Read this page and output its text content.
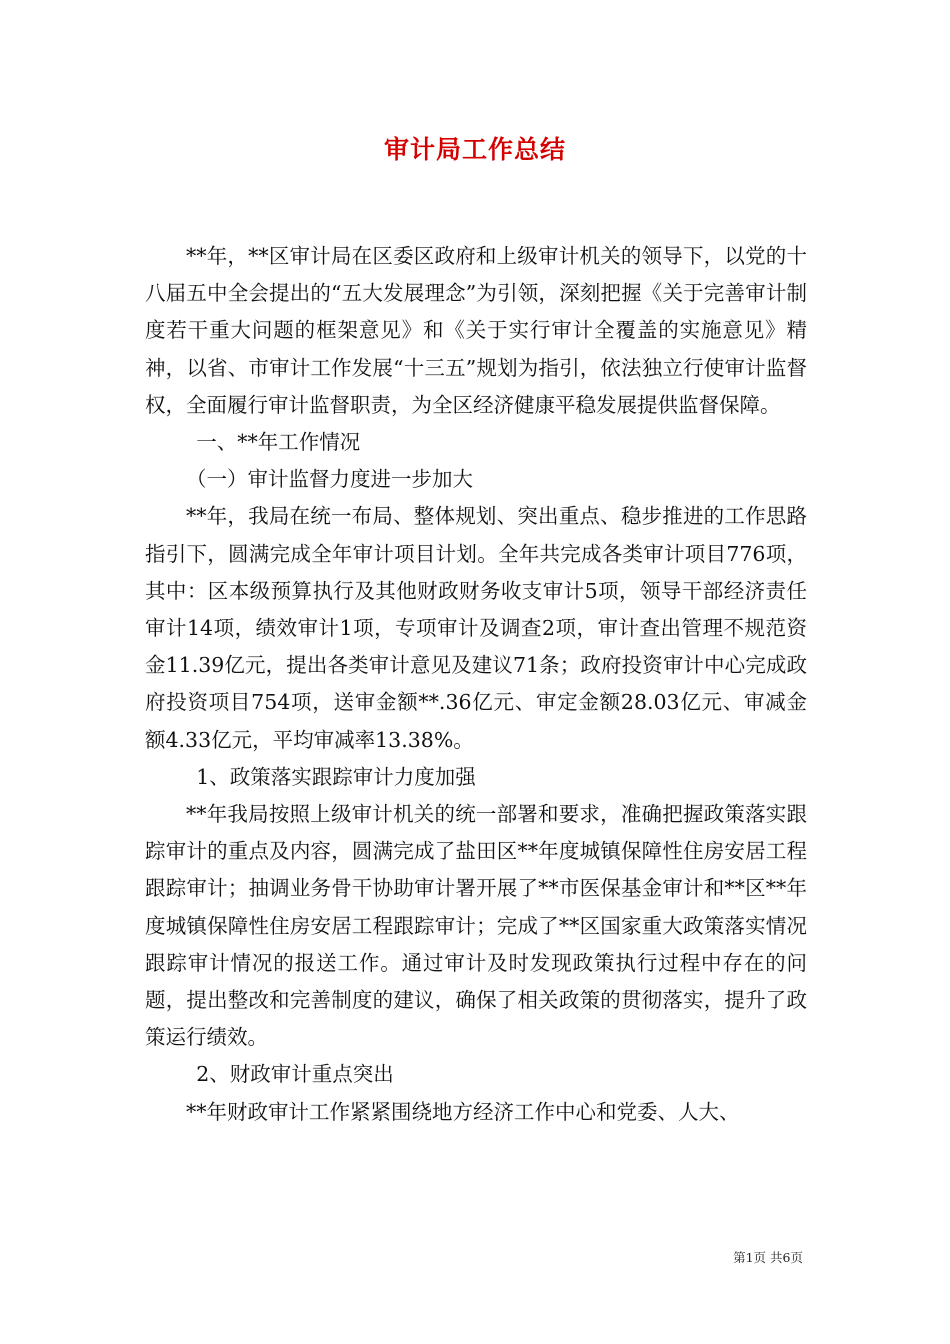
审计局工作总结

**年，**区审计局在区委区政府和上级审计机关的领导下，以党的十八届五中全会提出的“五大发展理念”为引领，深刻把握《关于完善审计制度若干重大问题的框架意见》和《关于实行审计全覆盖的实施意见》精神，以省、市审计工作发展“十三五”规划为指引，依法独立行使审计监督权，全面履行审计监督职责，为全区经济健康平稳发展提供监督保障。

一、**年工作情况

（一）审计监督力度进一步加大

**年，我局在统一布局、整体规划、突出重点、稳步推进的工作思路指引下，圆满完成全年审计项目计划。全年共完成各类审计项目776项，其中：区本级预算执行及其他财政财务收支审计5项，领导干部经济责任审计14项，绩效审计1项，专项审计及调查2项，审计查出管理不规范资金11.39亿元，提出各类审计意见及建议71条；政府投资审计中心完成政府投资项目754项，送审金额**.36亿元、审定金额28.03亿元、审减金额4.33亿元，平均审减率13.38%。

1、政策落实跟踪审计力度加强

**年我局按照上级审计机关的统一部署和要求，准确把握政策落实跟踪审计的重点及内容，圆满完成了盐田区**年度城镇保障性住房安居工程跟踪审计；抽调业务骨干协助审计署开展了**市医保基金审计和**区**年度城镇保障性住房安居工程跟踪审计；完成了**区国家重大政策落实情况跟踪审计情况的报送工作。通过审计及时发现政策执行过程中存在的问题，提出整改和完善制度的建议，确保了相关政策的贯彻落实，提升了政策运行绩效。

2、财政审计重点突出

**年财政审计工作紧紧围绕地方经济工作中心和党委、人大、

第1页 共6页
